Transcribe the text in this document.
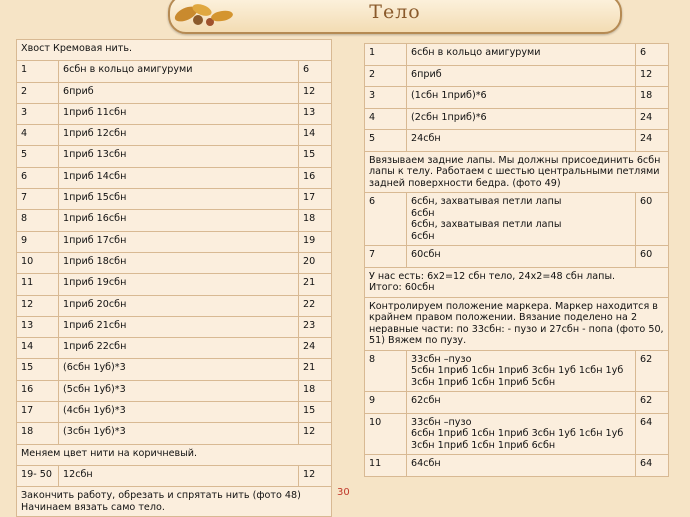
Тело
Хвост Кремовая нить.		
1	6сбн в кольцо амигуруми	6
2	6приб	12
3	1приб 11сбн	13
4	1приб 12сбн	14
5	1приб 13сбн	15
6	1приб 14сбн	16
7	1приб 15сбн	17
8	1приб 16сбн	18
9	1приб 17сбн	19
10	1приб 18сбн	20
11	1приб 19сбн	21
12	1приб 20сбн	22
13	1приб 21сбн	23
14	1приб 22сбн	24
15	(6сбн 1уб)*3	21
16	(5сбн 1уб)*3	18
17	(4сбн 1уб)*3	15
18	(3сбн 1уб)*3	12
Меняем цвет нити на коричневый.		
19- 50	12сбн	12
Закончить работу, обрезать и спрятать нить (фото 48) Начинаем вязать само тело.		
1	6сбн в кольцо амигуруми	6
2	6приб	12
3	(1сбн 1приб)*6	18
4	(2сбн 1приб)*6	24
5	24сбн	24
Ввязываем задние лапы. Мы должны присоединить 6сбн лапы к телу. Работаем с шестью центральными петлями задней поверхности бедра. (фото 49)		
6	6сбн, захватывая петли лапы
6сбн
6сбн, захватывая петли лапы
6сбн	60
7	60сбн	60

У нас есть: 6х2=12 сбн тело, 24х2=48 сбн лапы.
Итого: 60сбн		

Контролируем положение маркера. Маркер находится в крайнем правом положении. Вязание поделено на 2 неравные части: по 33сбн: - пузо и 27сбн - попа (фото 50, 51) Вяжем по пузу.		
8	33сбн –пузо
5сбн 1приб 1сбн 1приб 3сбн 1уб 1сбн 1уб
3сбн 1приб 1сбн 1приб 5сбн	62
9	62сбн	62
10	33сбн –пузо
6сбн 1приб 1сбн 1приб 3сбн 1уб 1сбн 1уб
3сбн 1приб 1сбн 1приб 6сбн	64
11	64сбн	64
30
